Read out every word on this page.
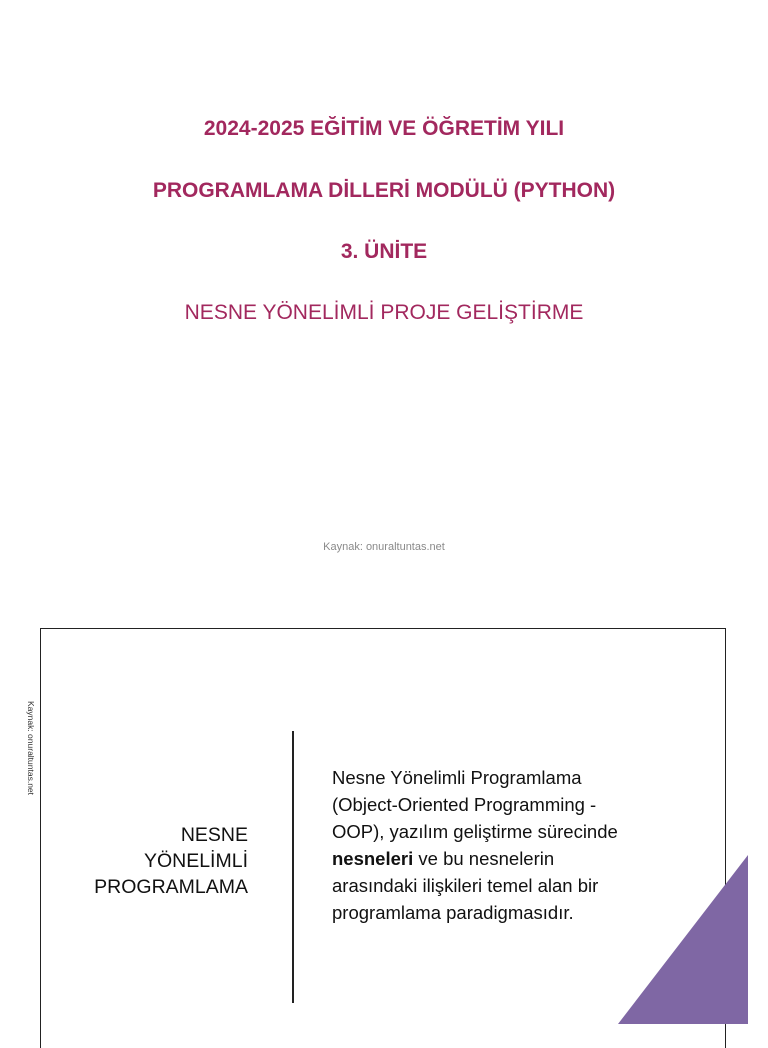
2024-2025 EĞİTİM VE ÖĞRETİM YILI
PROGRAMLAMA DİLLERİ MODÜLÜ (PYTHON)
3. ÜNİTE
NESNE YÖNELİMLİ PROJE GELİŞTİRME
Kaynak: onuraltuntas.net
Kaynak: onuraltuntas.net
NESNE
YÖNELİMLİ
PROGRAMLAMA
Nesne Yönelimli Programlama (Object-Oriented Programming - OOP), yazılım geliştirme sürecinde nesneleri ve bu nesnelerin arasındaki ilişkileri temel alan bir programlama paradigmasıdır.
